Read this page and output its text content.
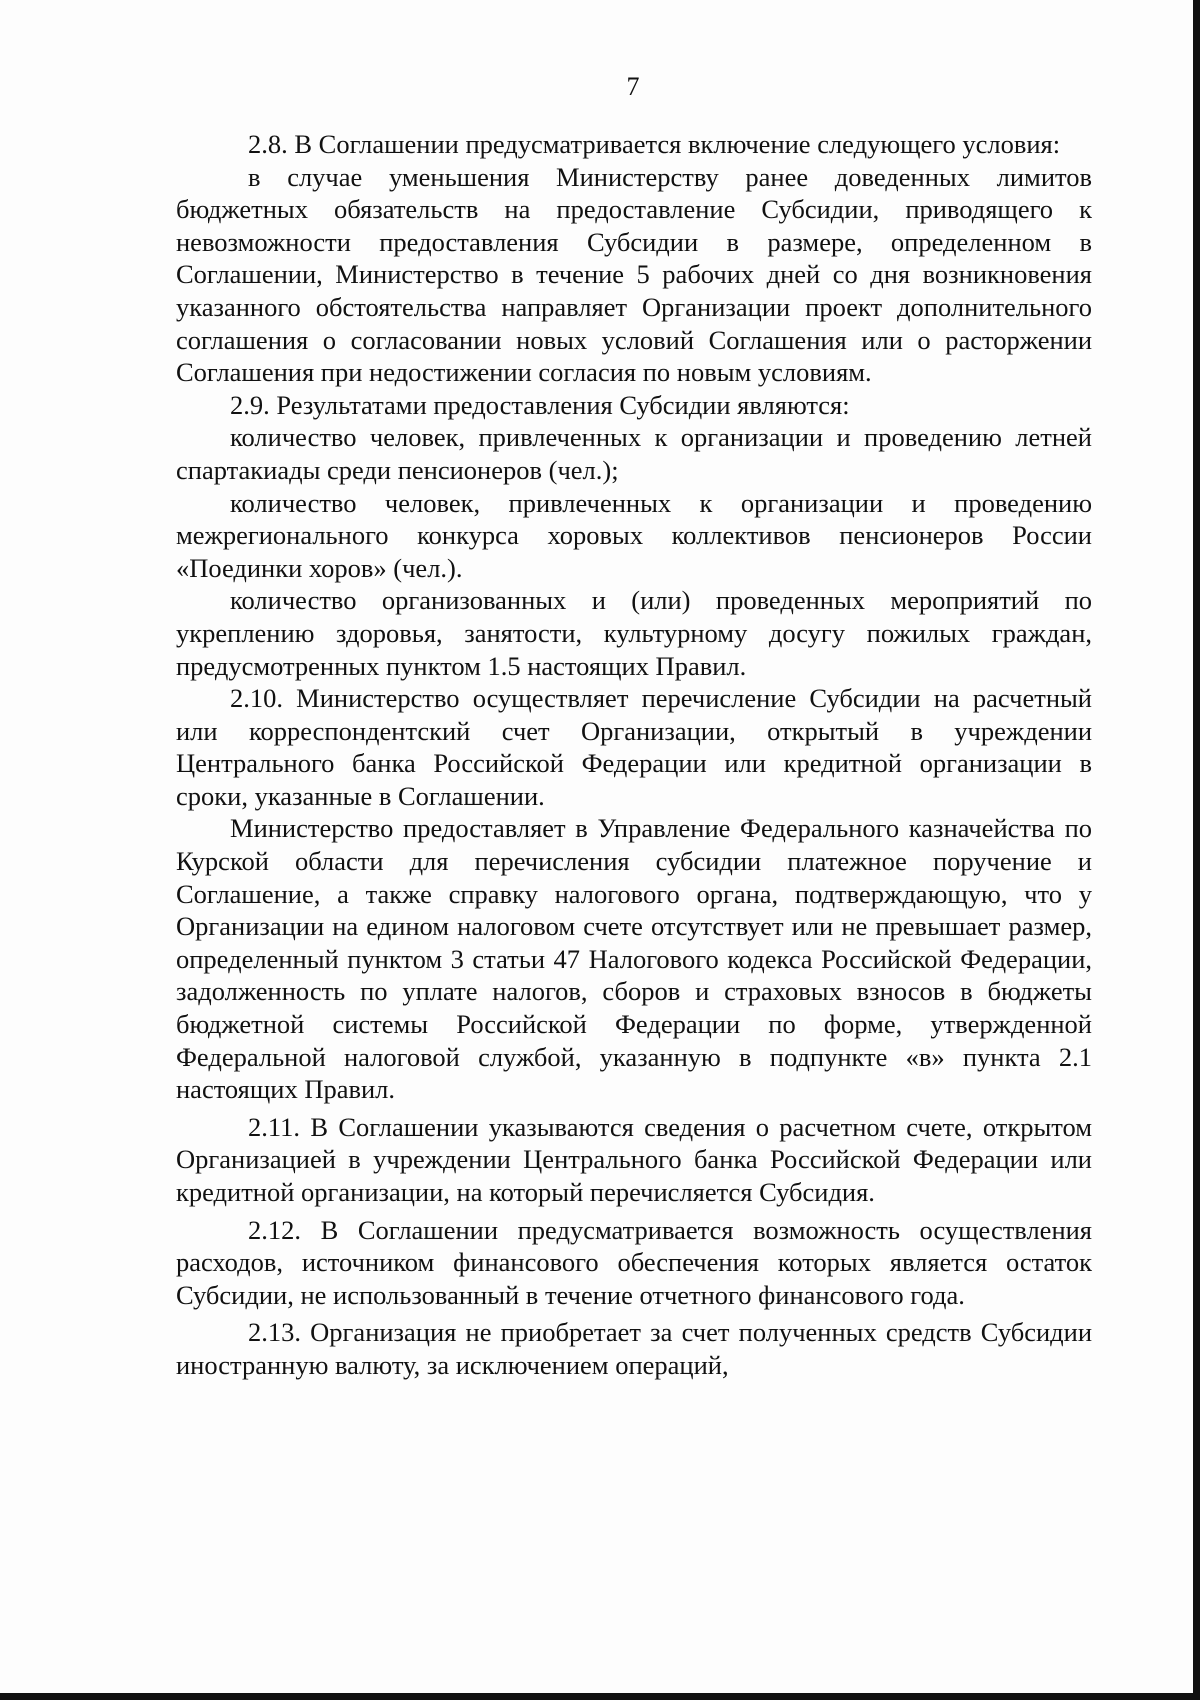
7

2.8. В Соглашении предусматривается включение следующего условия:

в случае уменьшения Министерству ранее доведенных лимитов бюджетных обязательств на предоставление Субсидии, приводящего к невозможности предоставления Субсидии в размере, определенном в Соглашении, Министерство в течение 5 рабочих дней со дня возникновения указанного обстоятельства направляет Организации проект дополнительного соглашения о согласовании новых условий Соглашения или о расторжении Соглашения при недостижении согласия по новым условиям.

2.9. Результатами предоставления Субсидии являются:

количество человек, привлеченных к организации и проведению летней спартакиады среди пенсионеров (чел.);

количество человек, привлеченных к организации и проведению межрегионального конкурса хоровых коллективов пенсионеров России «Поединки хоров» (чел.).

количество организованных и (или) проведенных мероприятий по укреплению здоровья, занятости, культурному досугу пожилых граждан, предусмотренных пунктом 1.5 настоящих Правил.

2.10. Министерство осуществляет перечисление Субсидии на расчетный или корреспондентский счет Организации, открытый в учреждении Центрального банка Российской Федерации или кредитной организации в сроки, указанные в Соглашении.

Министерство предоставляет в Управление Федерального казначейства по Курской области для перечисления субсидии платежное поручение и Соглашение, а также справку налогового органа, подтверждающую, что у Организации на едином налоговом счете отсутствует или не превышает размер, определенный пунктом 3 статьи 47 Налогового кодекса Российской Федерации, задолженность по уплате налогов, сборов и страховых взносов в бюджеты бюджетной системы Российской Федерации по форме, утвержденной Федеральной налоговой службой, указанную в подпункте «в» пункта 2.1 настоящих Правил.

2.11. В Соглашении указываются сведения о расчетном счете, открытом Организацией в учреждении Центрального банка Российской Федерации или кредитной организации, на который перечисляется Субсидия.

2.12. В Соглашении предусматривается возможность осуществления расходов, источником финансового обеспечения которых является остаток Субсидии, не использованный в течение отчетного финансового года.

2.13. Организация не приобретает за счет полученных средств Субсидии иностранную валюту, за исключением операций,
